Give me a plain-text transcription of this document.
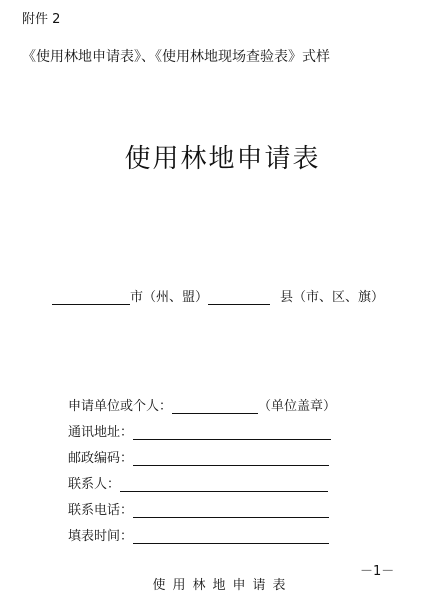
附件 2
《使用林地申请表》、《使用林地现场查验表》式样
使用林地申请表
市（州、盟）	县（市、区、旗）
申请单位或个人：	（单位盖章）
通讯地址：
邮政编码：
联系人：
联系电话：
填表时间：
－1－
使用林地申请表
